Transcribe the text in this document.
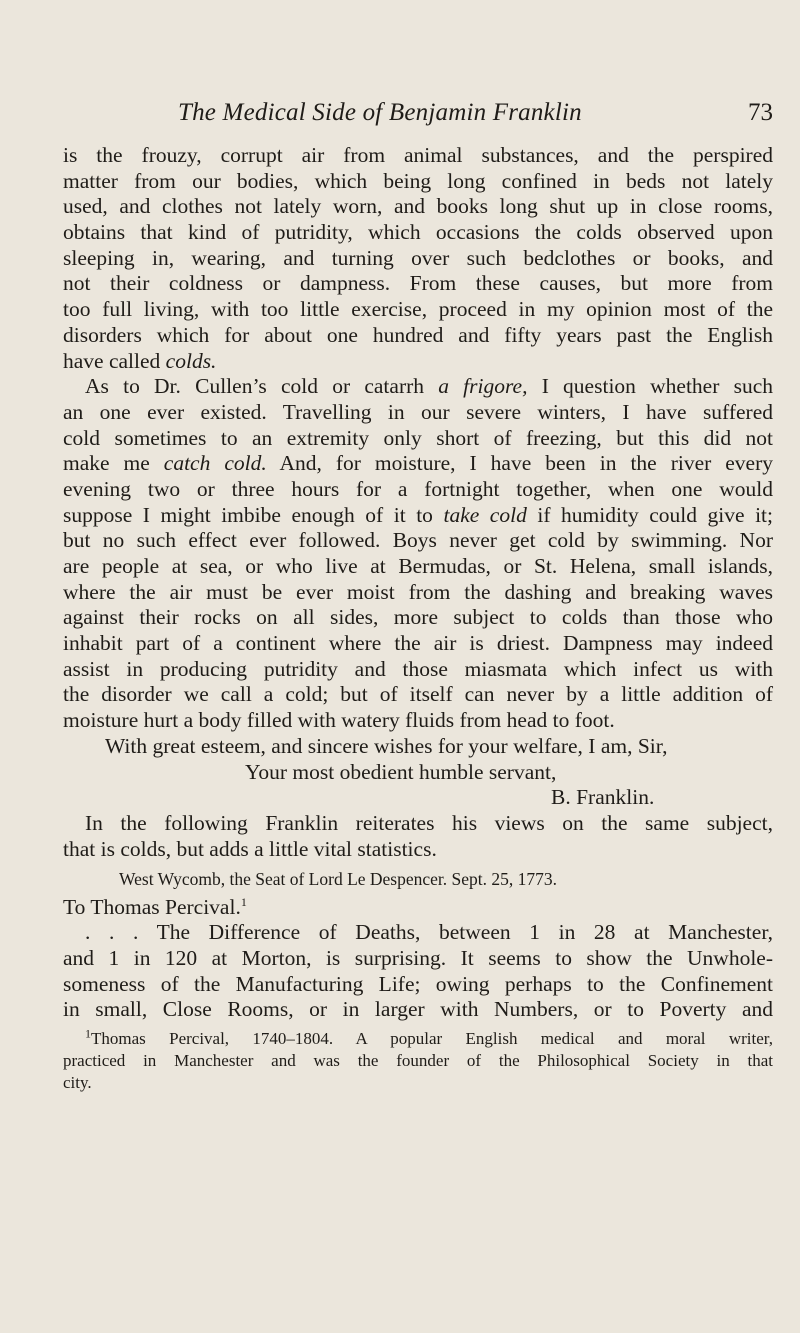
The Medical Side of Benjamin Franklin	73
is the frouzy, corrupt air from animal substances, and the perspired
matter from our bodies, which being long confined in beds not lately
used, and clothes not lately worn, and books long shut up in close rooms,
obtains that kind of putridity, which occasions the colds observed upon
sleeping in, wearing, and turning over such bedclothes or books, and
not their coldness or dampness. From these causes, but more from
too full living, with too little exercise, proceed in my opinion most of the
disorders which for about one hundred and fifty years past the English
have called colds.
As to Dr. Cullen’s cold or catarrh a frigore, I question whether such
an one ever existed. Travelling in our severe winters, I have suffered
cold sometimes to an extremity only short of freezing, but this did not
make me catch cold. And, for moisture, I have been in the river every
evening two or three hours for a fortnight together, when one would
suppose I might imbibe enough of it to take cold if humidity could give it;
but no such effect ever followed. Boys never get cold by swimming. Nor
are people at sea, or who live at Bermudas, or St. Helena, small islands,
where the air must be ever moist from the dashing and breaking waves
against their rocks on all sides, more subject to colds than those who
inhabit part of a continent where the air is driest. Dampness may indeed
assist in producing putridity and those miasmata which infect us with
the disorder we call a cold; but of itself can never by a little addition of
moisture hurt a body filled with watery fluids from head to foot.
With great esteem, and sincere wishes for your welfare, I am, Sir,
Your most obedient humble servant,
B. Franklin.
In the following Franklin reiterates his views on the same subject,
that is colds, but adds a little vital statistics.
West Wycomb, the Seat of Lord Le Despencer. Sept. 25, 1773.
To Thomas Percival.$^1$
. . . The Difference of Deaths, between 1 in 28 at Manchester,
and 1 in 120 at Morton, is surprising. It seems to show the Unwhole-
someness of the Manufacturing Life; owing perhaps to the Confinement
in small, Close Rooms, or in larger with Numbers, or to Poverty and
$^1$Thomas Percival, 1740–1804. A popular English medical and moral writer,
practiced in Manchester and was the founder of the Philosophical Society in that
city.
